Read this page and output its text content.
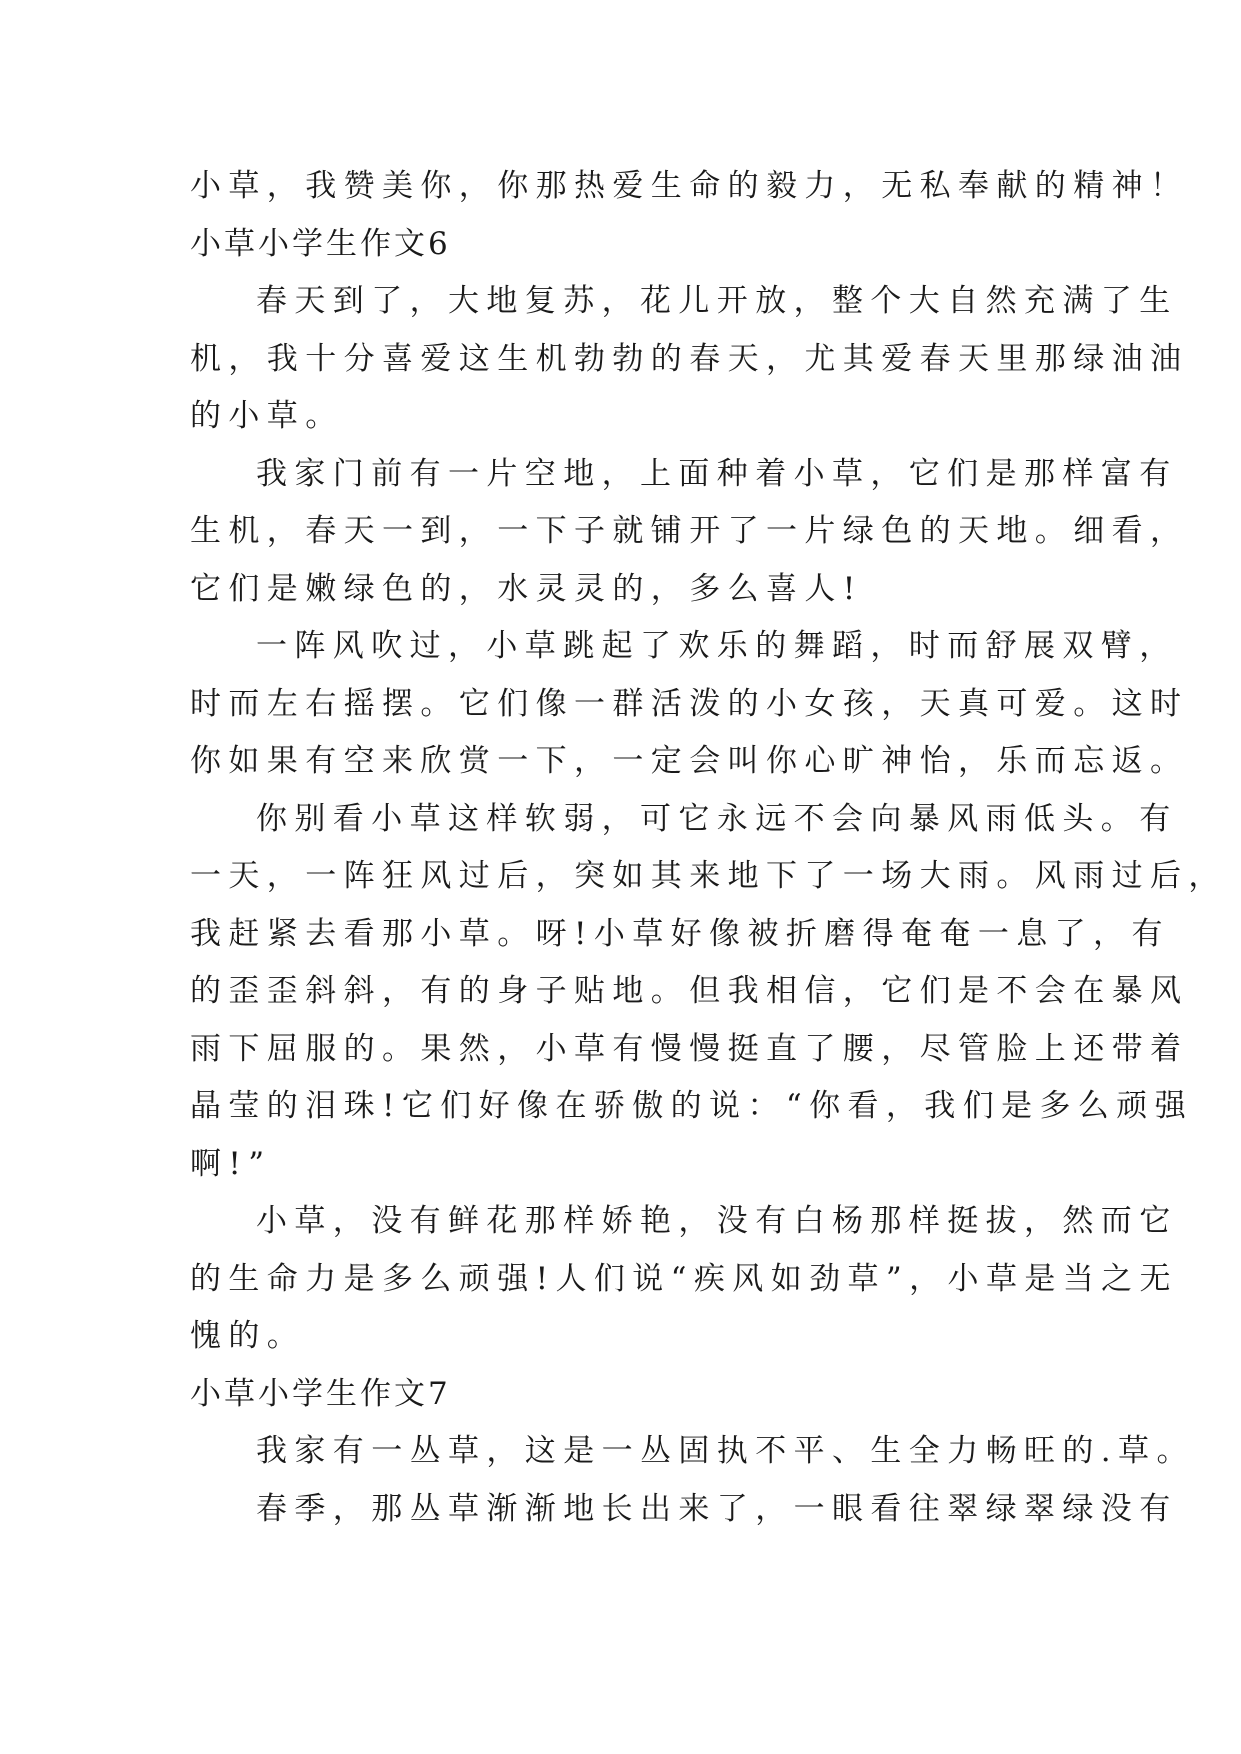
小草，我赞美你，你那热爱生命的毅力，无私奉献的精神！
小草小学生作文6
春天到了，大地复苏，花儿开放，整个大自然充满了生
机，我十分喜爱这生机勃勃的春天，尤其爱春天里那绿油油
的小草。
我家门前有一片空地，上面种着小草，它们是那样富有
生机，春天一到，一下子就铺开了一片绿色的天地。细看，
它们是嫩绿色的，水灵灵的，多么喜人!
一阵风吹过，小草跳起了欢乐的舞蹈，时而舒展双臂，
时而左右摇摆。它们像一群活泼的小女孩，天真可爱。这时
你如果有空来欣赏一下，一定会叫你心旷神怡，乐而忘返。
你别看小草这样软弱，可它永远不会向暴风雨低头。有
一天，一阵狂风过后，突如其来地下了一场大雨。风雨过后，
我赶紧去看那小草。呀!小草好像被折磨得奄奄一息了，有
的歪歪斜斜，有的身子贴地。但我相信，它们是不会在暴风
雨下屈服的。果然，小草有慢慢挺直了腰，尽管脸上还带着
晶莹的泪珠!它们好像在骄傲的说：“你看，我们是多么顽强
啊!”
小草，没有鲜花那样娇艳，没有白杨那样挺拔，然而它
的生命力是多么顽强!人们说“疾风如劲草”，小草是当之无
愧的。
小草小学生作文7
我家有一丛草，这是一丛固执不平、生全力畅旺的.草。
春季，那丛草渐渐地长出来了，一眼看往翠绿翠绿没有
